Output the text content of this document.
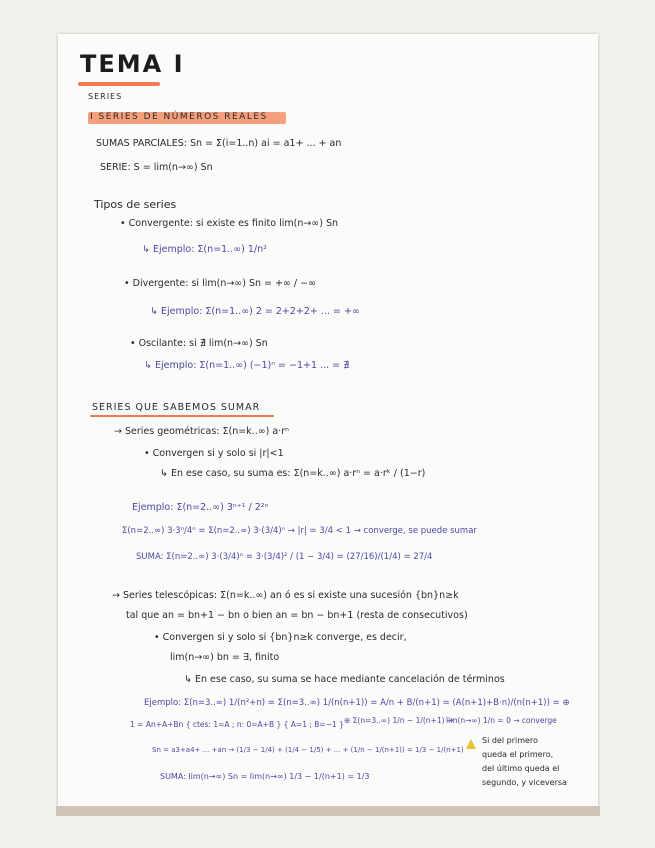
TEMA I
SERIES
I SERIES DE NÚMEROS REALES
SUMAS PARCIALES: Sn = Σ(i=1..n) ai = a1+ ... + an
SERIE: S = lim(n→∞) Sn
Tipos de series
• Convergente: si existe es finito lim(n→∞) Sn
↳ Ejemplo: Σ(n=1..∞) 1/n²
• Divergente: si lim(n→∞) Sn = +∞ / −∞
↳ Ejemplo: Σ(n=1..∞) 2 = 2+2+2+ ... = +∞
• Oscilante: si ∄ lim(n→∞) Sn
↳ Ejemplo: Σ(n=1..∞) (−1)ⁿ = −1+1 ... = ∄
SERIES QUE SABEMOS SUMAR
→ Series geométricas: Σ(n=k..∞) a·rⁿ
• Convergen si y solo si |r|<1
↳ En ese caso, su suma es: Σ(n=k..∞) a·rⁿ = a·rᵏ / (1−r)
Ejemplo: Σ(n=2..∞) 3ⁿ⁺¹ / 2²ⁿ
Σ(n=2..∞) 3·3ⁿ/4ⁿ = Σ(n=2..∞) 3·(3/4)ⁿ → |r| = 3/4 < 1 → converge, se puede sumar
SUMA: Σ(n=2..∞) 3·(3/4)ⁿ = 3·(3/4)² / (1 − 3/4) = (27/16)/(1/4) = 27/4
→ Series telescópicas: Σ(n=k..∞) an ó es si existe una sucesión {bn}n≥k
tal que an = bn+1 − bn o bien an = bn − bn+1 (resta de consecutivos)
• Convergen si y solo si {bn}n≥k converge, es decir,
lim(n→∞) bn = ∃, finito
↳ En ese caso, su suma se hace mediante cancelación de términos
Ejemplo: Σ(n=3..∞) 1/(n²+n) = Σ(n=3..∞) 1/(n(n+1)) = A/n + B/(n+1) = (A(n+1)+B·n)/(n(n+1)) = ⊕
1 = An+A+Bn { ctes: 1=A ; n: 0=A+B } { A=1 ; B=−1 } ⊕ Σ(n=3..∞) 1/n − 1/(n+1) →
lim(n→∞) 1/n = 0 → converge
Sn = a3+a4+ ... +an → (1/3 − 1/4) + (1/4 − 1/5) + ... + (1/n − 1/(n+1)) = 1/3 − 1/(n+1)
SUMA: lim(n→∞) Sn = lim(n→∞) 1/3 − 1/(n+1) = 1/3
Si del primero
queda el primero,
del último queda el
segundo, y viceversa
